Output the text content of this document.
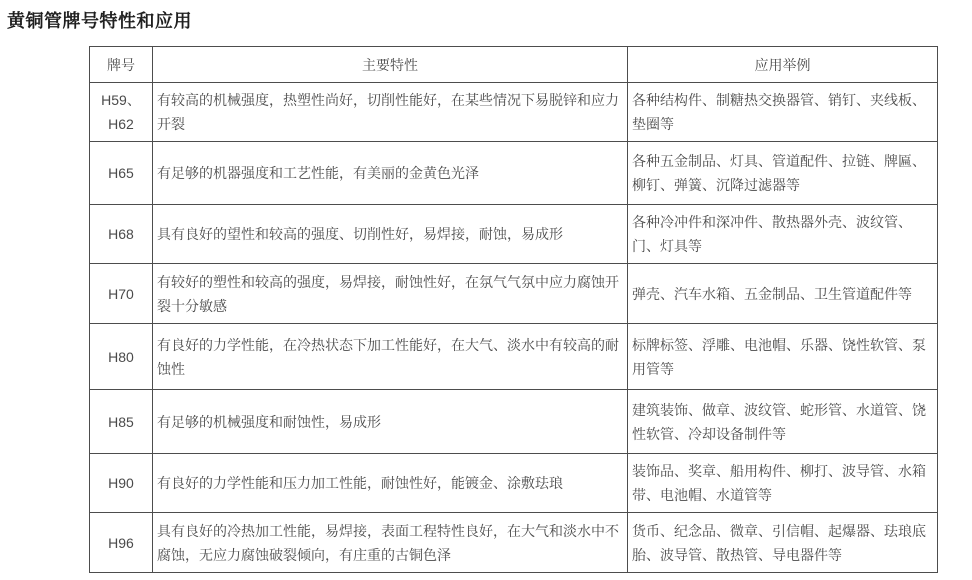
黄铜管牌号特性和应用
牌号	主要特性	应用举例
H59、H62	有较高的机械强度，热塑性尚好，切削性能好，在某些情况下易脱锌和应力开裂	各种结构件、制糖热交换器管、销钉、夹线板、垫圈等
H65	有足够的机器强度和工艺性能，有美丽的金黄色光泽	各种五金制品、灯具、管道配件、拉链、牌匾、柳钉、弹簧、沉降过滤器等
H68	具有良好的望性和较高的强度、切削性好，易焊接，耐蚀，易成形	各种冷冲件和深冲件、散热器外壳、波纹管、门、灯具等
H70	有较好的塑性和较高的强度，易焊接，耐蚀性好，在氛气气氛中应力腐蚀开裂十分敏感	弹壳、汽车水箱、五金制品、卫生管道配件等
H80	有良好的力学性能，在冷热状态下加工性能好，在大气、淡水中有较高的耐蚀性	标牌标签、浮雕、电池帽、乐器、饶性软管、泵用管等
H85	有足够的机械强度和耐蚀性，易成形	建筑装饰、做章、波纹管、蛇形管、水道管、饶性软管、冷却设备制件等
H90	有良好的力学性能和压力加工性能，耐蚀性好，能镀金、涂敷珐琅	装饰品、奖章、船用构件、柳打、波导管、水箱带、电池帽、水道管等
H96	具有良好的冷热加工性能，易焊接，表面工程特性良好，在大气和淡水中不腐蚀，无应力腐蚀破裂倾向，有庄重的古铜色泽	货币、纪念品、微章、引信帽、起爆器、珐琅底胎、波导管、散热管、导电器件等
